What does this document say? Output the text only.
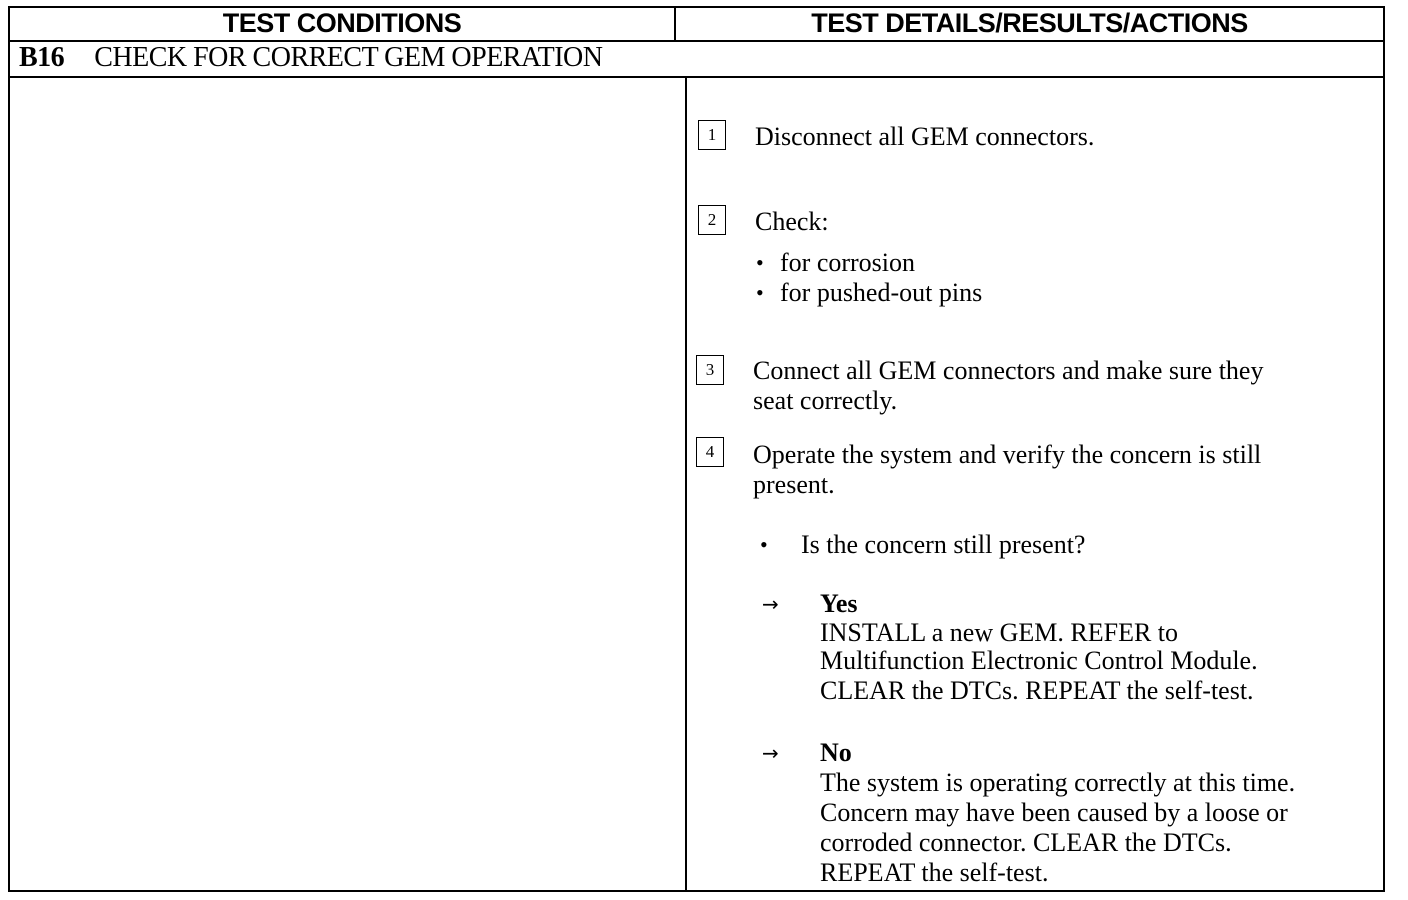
TEST CONDITIONS	TEST DETAILS/RESULTS/ACTIONS
B16 CHECK FOR CORRECT GEM OPERATION
1	Disconnect all GEM connectors.
2	Check:
• for corrosion
• for pushed-out pins
3	Connect all GEM connectors and make sure they
seat correctly.
4	Operate the system and verify the concern is still
present.
• Is the concern still present?
→ Yes
INSTALL a new GEM. REFER to
Multifunction Electronic Control Module.
CLEAR the DTCs. REPEAT the self-test.
→ No
The system is operating correctly at this time.
Concern may have been caused by a loose or
corroded connector. CLEAR the DTCs.
REPEAT the self-test.
